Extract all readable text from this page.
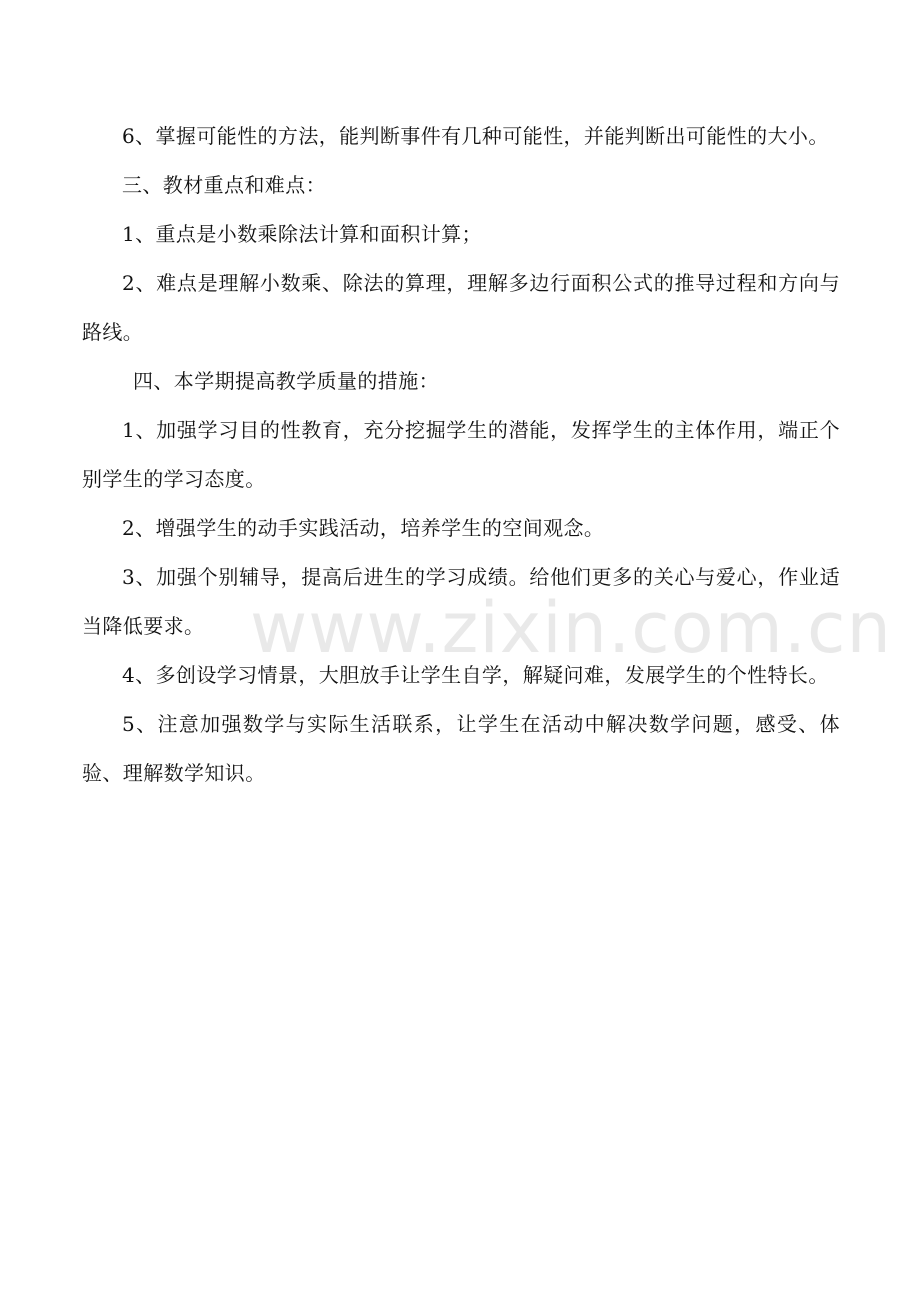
www.zixin.com.cn

6、掌握可能性的方法，能判断事件有几种可能性，并能判断出可能性的大小。

三、教材重点和难点：

1、重点是小数乘除法计算和面积计算；

2、难点是理解小数乘、除法的算理，理解多边行面积公式的推导过程和方向与路线。

四、本学期提高教学质量的措施：

1、加强学习目的性教育，充分挖掘学生的潜能，发挥学生的主体作用，端正个别学生的学习态度。

2、增强学生的动手实践活动，培养学生的空间观念。

3、加强个别辅导，提高后进生的学习成绩。给他们更多的关心与爱心，作业适当降低要求。

4、多创设学习情景，大胆放手让学生自学，解疑问难，发展学生的个性特长。

5、注意加强数学与实际生活联系，让学生在活动中解决数学问题，感受、体验、理解数学知识。
